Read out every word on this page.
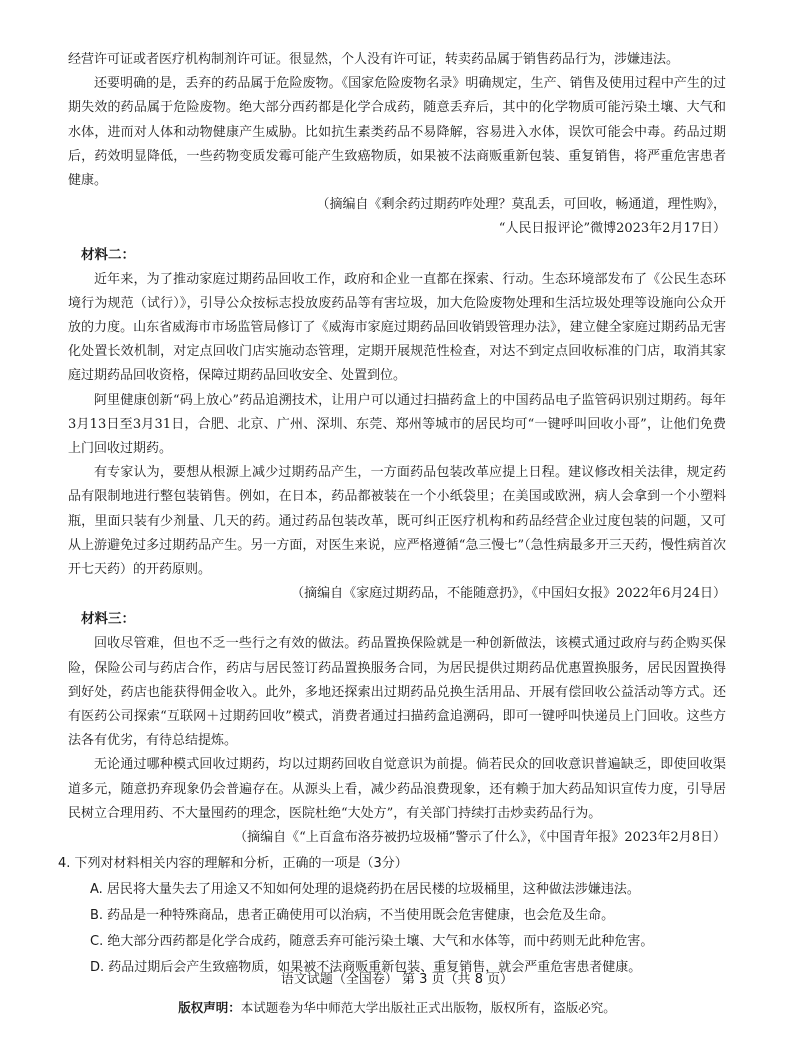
经营许可证或者医疗机构制剂许可证。很显然，个人没有许可证，转卖药品属于销售药品行为，涉嫌违法。

还要明确的是，丢弃的药品属于危险废物。《国家危险废物名录》明确规定，生产、销售及使用过程中产生的过期失效的药品属于危险废物。绝大部分西药都是化学合成药，随意丢弃后，其中的化学物质可能污染土壤、大气和水体，进而对人体和动物健康产生威胁。比如抗生素类药品不易降解，容易进入水体，误饮可能会中毒。药品过期后，药效明显降低，一些药物变质发霉可能产生致癌物质，如果被不法商贩重新包装、重复销售，将严重危害患者健康。

（摘编自《剩余药过期药咋处理？莫乱丢，可回收，畅通道，理性购》，
“人民日报评论”微博2023年2月17日）
材料二：

近年来，为了推动家庭过期药品回收工作，政府和企业一直都在探索、行动。生态环境部发布了《公民生态环境行为规范（试行）》，引导公众按标志投放废药品等有害垃圾，加大危险废物处理和生活垃圾处理等设施向公众开放的力度。山东省威海市市场监管局修订了《威海市家庭过期药品回收销毁管理办法》，建立健全家庭过期药品无害化处置长效机制，对定点回收门店实施动态管理，定期开展规范性检查，对达不到定点回收标准的门店，取消其家庭过期药品回收资格，保障过期药品回收安全、处置到位。

阿里健康创新“码上放心”药品追溯技术，让用户可以通过扫描药盒上的中国药品电子监管码识别过期药。每年3月13日至3月31日，合肥、北京、广州、深圳、东莞、郑州等城市的居民均可“一键呼叫回收小哥”，让他们免费上门回收过期药。

有专家认为，要想从根源上减少过期药品产生，一方面药品包装改革应提上日程。建议修改相关法律，规定药品有限制地进行整包装销售。例如，在日本，药品都被装在一个小纸袋里；在美国或欧洲，病人会拿到一个小塑料瓶，里面只装有少剂量、几天的药。通过药品包装改革，既可纠正医疗机构和药品经营企业过度包装的问题，又可从上游避免过多过期药品产生。另一方面，对医生来说，应严格遵循“急三慢七”（急性病最多开三天药，慢性病首次开七天药）的开药原则。

（摘编自《家庭过期药品，不能随意扔》，《中国妇女报》2022年6月24日）
材料三：

回收尽管难，但也不乏一些行之有效的做法。药品置换保险就是一种创新做法，该模式通过政府与药企购买保险，保险公司与药店合作，药店与居民签订药品置换服务合同，为居民提供过期药品优惠置换服务，居民因置换得到好处，药店也能获得佣金收入。此外，多地还探索出过期药品兑换生活用品、开展有偿回收公益活动等方式。还有医药公司探索“互联网＋过期药回收”模式，消费者通过扫描药盒追溯码，即可一键呼叫快递员上门回收。这些方法各有优劣，有待总结提炼。

无论通过哪种模式回收过期药，均以过期药回收自觉意识为前提。倘若民众的回收意识普遍缺乏，即使回收渠道多元，随意扔弃现象仍会普遍存在。从源头上看，减少药品浪费现象，还有赖于加大药品知识宣传力度，引导居民树立合理用药、不大量囤药的理念，医院杜绝“大处方”，有关部门持续打击炒卖药品行为。

（摘编自《“上百盒布洛芬被扔垃圾桶”警示了什么》，《中国青年报》2023年2月8日）
4. 下列对材料相关内容的理解和分析，正确的一项是（3分）
A. 居民将大量失去了用途又不知如何处理的退烧药扔在居民楼的垃圾桶里，这种做法涉嫌违法。
B. 药品是一种特殊商品，患者正确使用可以治病，不当使用既会危害健康，也会危及生命。
C. 绝大部分西药都是化学合成药，随意丢弃可能污染土壤、大气和水体等，而中药则无此种危害。
D. 药品过期后会产生致癌物质，如果被不法商贩重新包装、重复销售，就会严重危害患者健康。
语文试题（全国卷） 第 3 页（共 8 页）
版权声明：本试题卷为华中师范大学出版社正式出版物，版权所有，盗版必究。
